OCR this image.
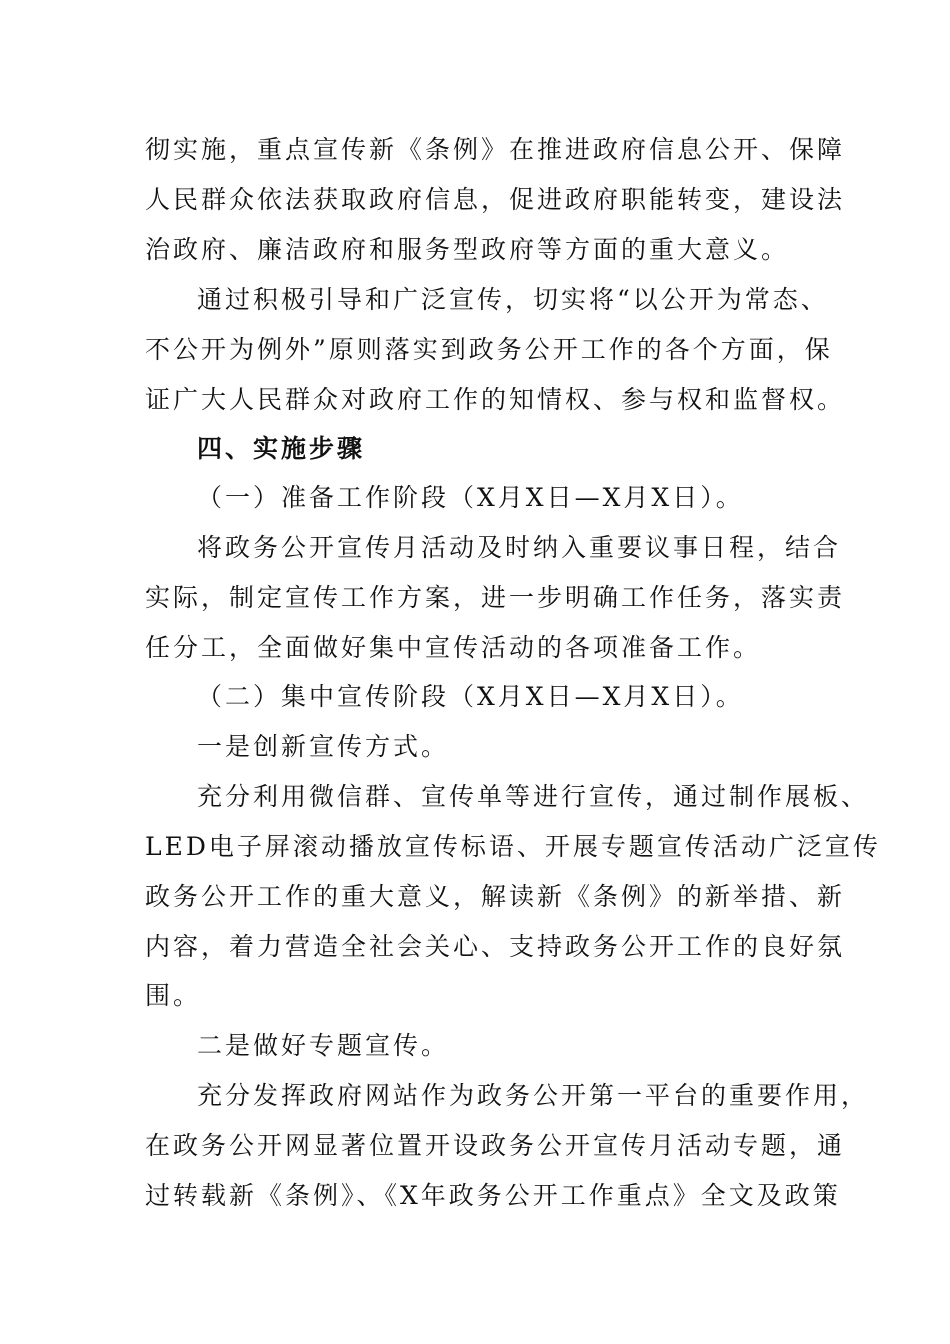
彻实施，重点宣传新《条例》在推进政府信息公开、保障
人民群众依法获取政府信息，促进政府职能转变，建设法
治政府、廉洁政府和服务型政府等方面的重大意义。
通过积极引导和广泛宣传，切实将“以公开为常态、
不公开为例外”原则落实到政务公开工作的各个方面，保
证广大人民群众对政府工作的知情权、参与权和监督权。
四、实施步骤
（一）准备工作阶段（X月X日—X月X日）。
将政务公开宣传月活动及时纳入重要议事日程，结合
实际，制定宣传工作方案，进一步明确工作任务，落实责
任分工，全面做好集中宣传活动的各项准备工作。
（二）集中宣传阶段（X月X日—X月X日）。
一是创新宣传方式。
充分利用微信群、宣传单等进行宣传，通过制作展板、
LED电子屏滚动播放宣传标语、开展专题宣传活动广泛宣传
政务公开工作的重大意义，解读新《条例》的新举措、新
内容，着力营造全社会关心、支持政务公开工作的良好氛
围。
二是做好专题宣传。
充分发挥政府网站作为政务公开第一平台的重要作用，
在政务公开网显著位置开设政务公开宣传月活动专题，通
过转载新《条例》、《X年政务公开工作重点》全文及政策
